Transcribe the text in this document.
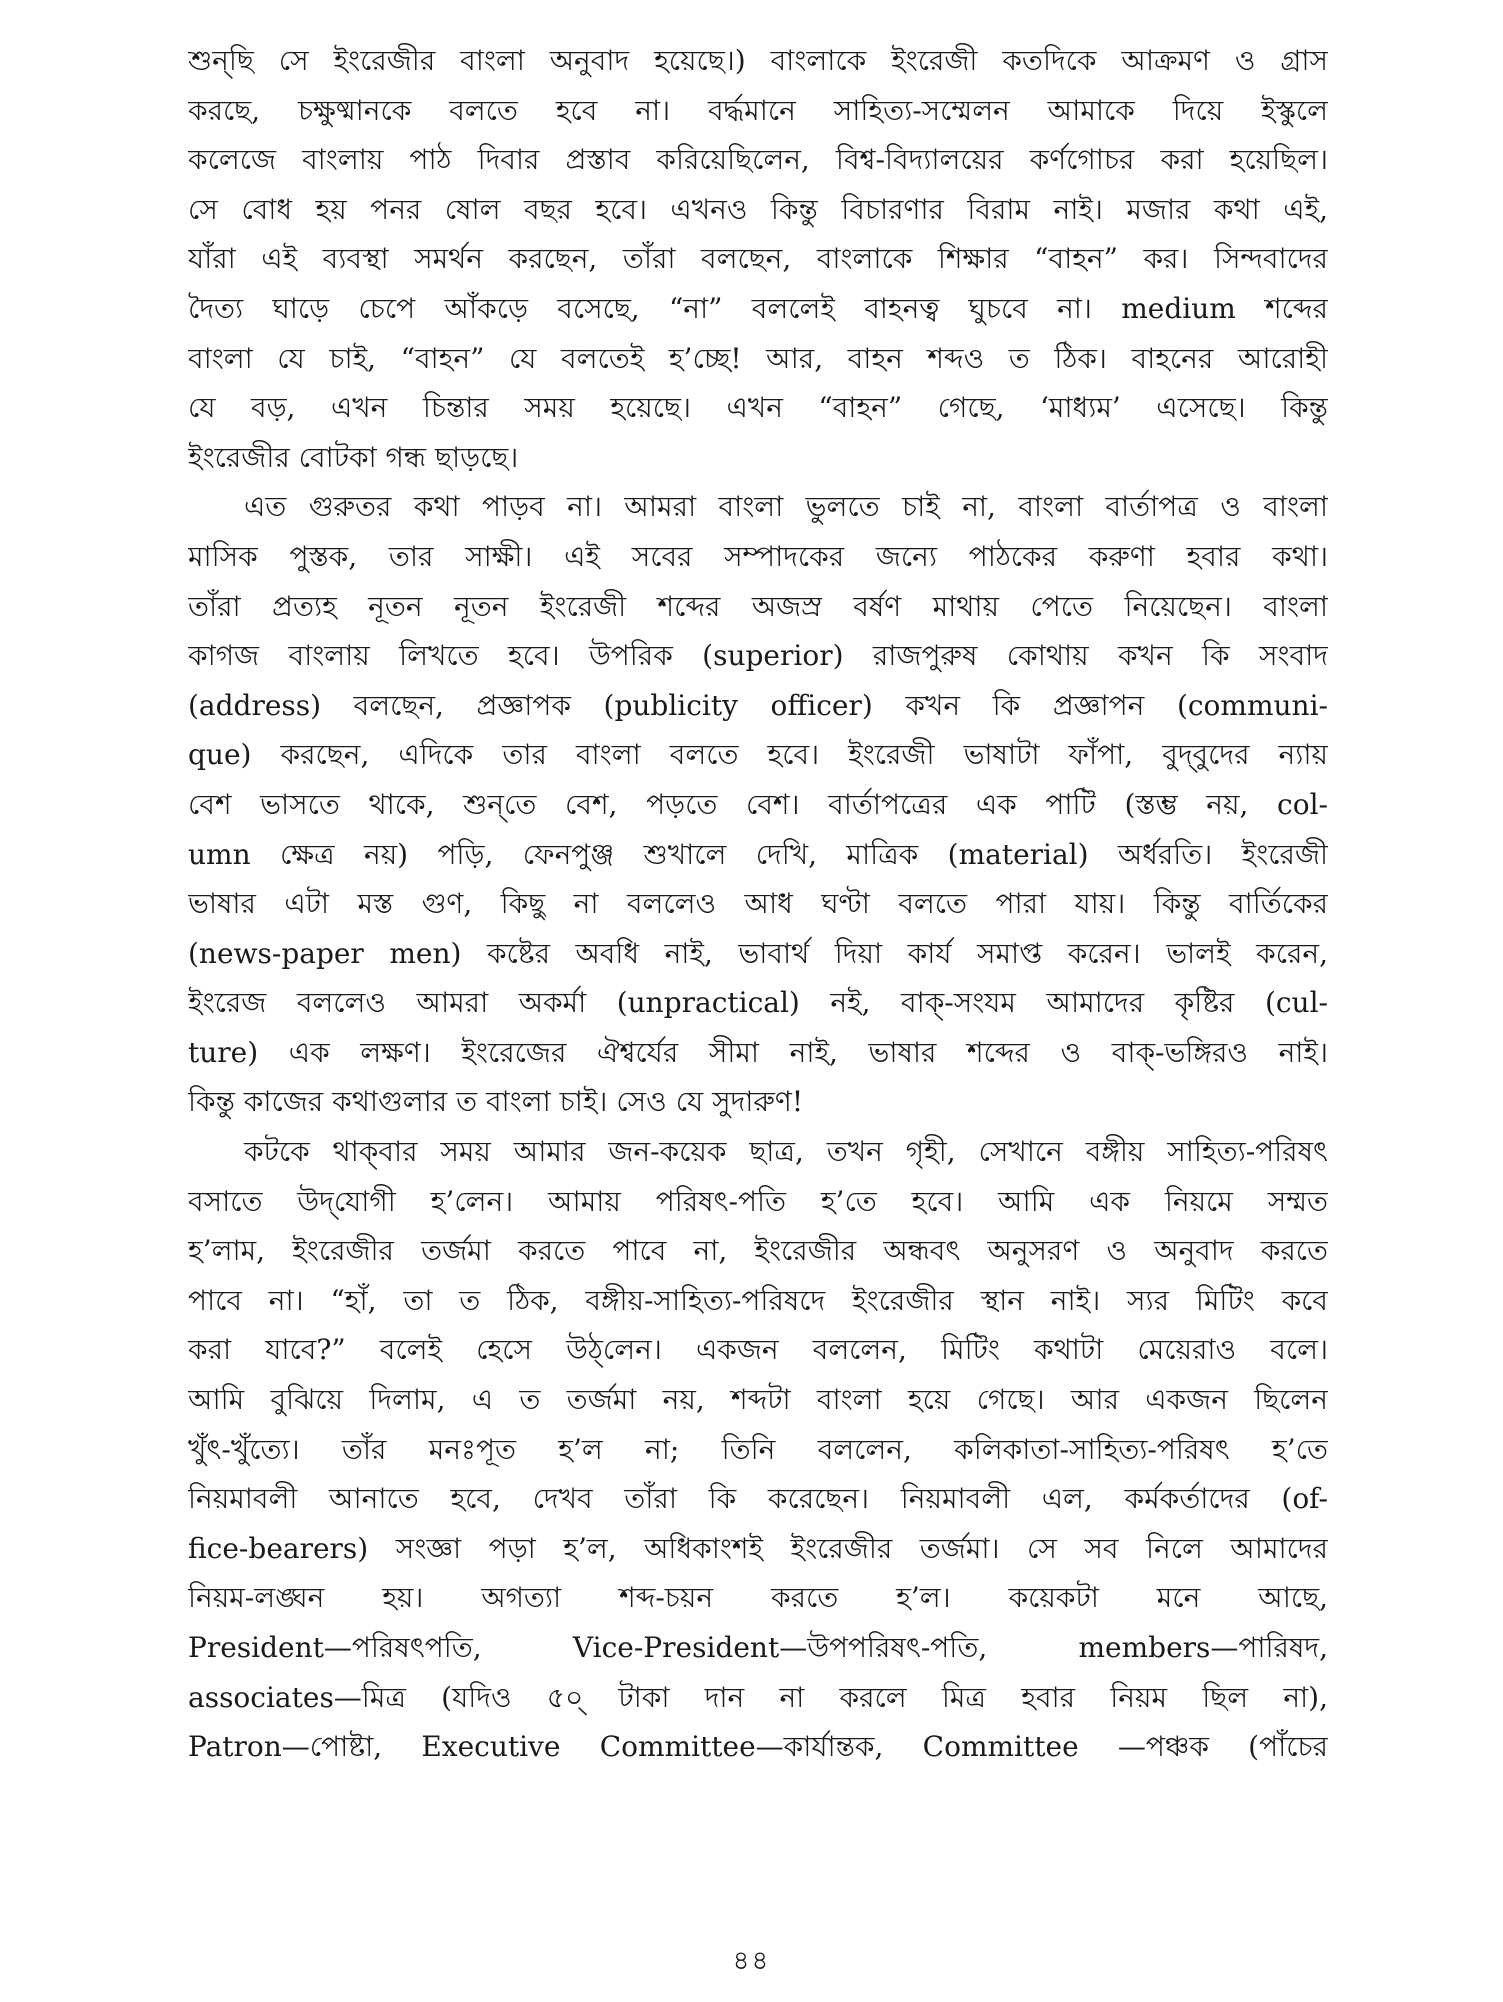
শুন্‌ছি সে ইংরেজীর বাংলা অনুবাদ হয়েছে।) বাংলাকে ইংরেজী কতদিকে আক্রমণ ও গ্রাস
করছে, চক্ষুষ্মানকে বলতে হবে না। বর্দ্ধমানে সাহিত্য-সম্মেলন আমাকে দিয়ে ইস্কুলে
কলেজে বাংলায় পাঠ দিবার প্রস্তাব করিয়েছিলেন, বিশ্ব-বিদ্যালয়ের কর্ণগোচর করা হয়েছিল।
সে বোধ হয় পনর ষোল বছর হবে। এখনও কিন্তু বিচারণার বিরাম নাই। মজার কথা এই,
যাঁরা এই ব্যবস্থা সমর্থন করছেন, তাঁরা বলছেন, বাংলাকে শিক্ষার “বাহন” কর। সিন্দবাদের
দৈত্য ঘাড়ে চেপে আঁকড়ে বসেছে, “না” বললেই বাহনত্ব ঘুচবে না। medium শব্দের
বাংলা যে চাই, “বাহন” যে বলতেই হ’চ্ছে! আর, বাহন শব্দও ত ঠিক। বাহনের আরোহী
যে বড়, এখন চিন্তার সময় হয়েছে। এখন “বাহন” গেছে, ‘মাধ্যম’ এসেছে। কিন্তু
ইংরেজীর বোটকা গন্ধ ছাড়ছে।
এত গুরুতর কথা পাড়ব না। আমরা বাংলা ভুলতে চাই না, বাংলা বার্তাপত্র ও বাংলা
মাসিক পুস্তক, তার সাক্ষী। এই সবের সম্পাদকের জন্যে পাঠকের করুণা হবার কথা।
তাঁরা প্রত্যহ নূতন নূতন ইংরেজী শব্দের অজস্র বর্ষণ মাথায় পেতে নিয়েছেন। বাংলা
কাগজ বাংলায় লিখতে হবে। উপরিক (superior) রাজপুরুষ কোথায় কখন কি সংবাদ
(address) বলছেন, প্রজ্ঞাপক (publicity officer) কখন কি প্রজ্ঞাপন (communi-
que) করছেন, এদিকে তার বাংলা বলতে হবে। ইংরেজী ভাষাটা ফাঁপা, বুদ্‌বুদের ন্যায়
বেশ ভাসতে থাকে, শুন্‌তে বেশ, পড়তে বেশ। বার্তাপত্রের এক পাটি (স্তম্ভ নয়, col-
umn ক্ষেত্র নয়) পড়ি, ফেনপুঞ্জ শুখালে দেখি, মাত্রিক (material) অর্ধরতি। ইংরেজী
ভাষার এটা মস্ত গুণ, কিছু না বললেও আধ ঘণ্টা বলতে পারা যায়। কিন্তু বার্তিকের
(news-paper men) কষ্টের অবধি নাই, ভাবার্থ দিয়া কার্য সমাপ্ত করেন। ভালই করেন,
ইংরেজ বললেও আমরা অকর্মা (unpractical) নই, বাক্‌-সংযম আমাদের কৃষ্টির (cul-
ture) এক লক্ষণ। ইংরেজের ঐশ্বর্যের সীমা নাই, ভাষার শব্দের ও বাক্‌-ভঙ্গিরও নাই।
কিন্তু কাজের কথাগুলার ত বাংলা চাই। সেও যে সুদারুণ!
কটকে থাক্‌বার সময় আমার জন-কয়েক ছাত্র, তখন গৃহী, সেখানে বঙ্গীয় সাহিত্য-পরিষৎ
বসাতে উদ্‌যোগী হ’লেন। আমায় পরিষৎ-পতি হ’তে হবে। আমি এক নিয়মে সম্মত
হ’লাম, ইংরেজীর তর্জমা করতে পাবে না, ইংরেজীর অন্ধবৎ অনুসরণ ও অনুবাদ করতে
পাবে না। “হাঁ, তা ত ঠিক, বঙ্গীয়-সাহিত্য-পরিষদে ইংরেজীর স্থান নাই। স্যর মিটিং কবে
করা যাবে?” বলেই হেসে উঠ্‌লেন। একজন বললেন, মিটিং কথাটা মেয়েরাও বলে।
আমি বুঝিয়ে দিলাম, এ ত তর্জমা নয়, শব্দটা বাংলা হয়ে গেছে। আর একজন ছিলেন
খুঁৎ-খুঁত্যে। তাঁর মনঃপূত হ’ল না; তিনি বললেন, কলিকাতা-সাহিত্য-পরিষৎ হ’তে
নিয়মাবলী আনাতে হবে, দেখব তাঁরা কি করেছেন। নিয়মাবলী এল, কর্মকর্তাদের (of-
fice-bearers) সংজ্ঞা পড়া হ’ল, অধিকাংশই ইংরেজীর তর্জমা। সে সব নিলে আমাদের
নিয়ম-লঙ্ঘন হয়। অগত্যা শব্দ-চয়ন করতে হ’ল। কয়েকটা মনে আছে,
President—পরিষৎপতি, Vice-President—উপপরিষৎ-পতি, members—পারিষদ,
associates—মিত্র (যদিও ৫০্ টাকা দান না করলে মিত্র হবার নিয়ম ছিল না),
Patron—পোষ্টা, Executive Committee—কার্যান্তক, Committee —পঞ্চক (পাঁচের
৪৪
